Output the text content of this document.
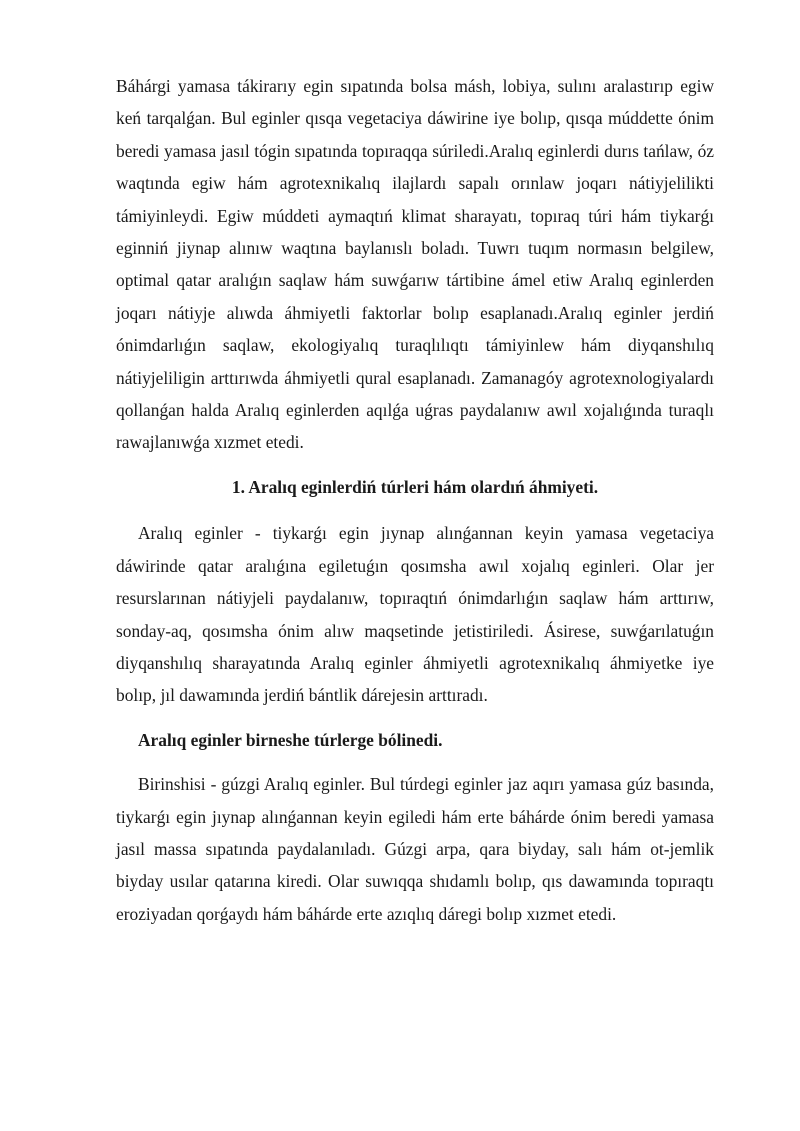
Báhárgi yamasa tákirarıy egin sıpatında bolsa másh, lobiya, sulını aralastırıp egiw keń tarqalǵan. Bul eginler qısqa vegetaciya dáwirine iye bolıp, qısqa múddette ónim beredi yamasa jasıl tógin sıpatında topıraqqa súriledi.Aralıq eginlerdi durıs tańlaw, óz waqtında egiw hám agrotexnikalıq ilajlardı sapalı orınlaw joqarı nátiyjelilikti támiyinleydi. Egiw múddeti aymaqtıń klimat sharayatı, topıraq túri hám tiykarǵı eginniń jiynap alınıw waqtına baylanıslı boladı. Tuwrı tuqım normasın belgilew, optimal qatar aralıǵın saqlaw hám suwǵarıw tártibine ámel etiw Aralıq eginlerden joqarı nátiyje alıwda áhmiyetli faktorlar bolıp esaplanadı.Aralıq eginler jerdiń ónimdarlıǵın saqlaw, ekologiyalıq turaqlılıqtı támiyinlew hám diyqanshılıq nátiyjeliligin arttırıwda áhmiyetli qural esaplanadı. Zamanagóy agrotexnologiyalardı qollanǵan halda Aralıq eginlerden aqılǵa uǵras paydalanıw awıl xojalıǵında turaqlı rawajlanıwǵa xızmet etedi.

1. Aralıq eginlerdiń túrleri hám olardıń áhmiyeti.

Aralıq eginler - tiykarǵı egin jıynap alınǵannan keyin yamasa vegetaciya dáwirinde qatar aralıǵına egiletuǵın qosımsha awıl xojalıq eginleri. Olar jer resurslarınan nátiyjeli paydalanıw, topıraqtıń ónimdarlıǵın saqlaw hám arttırıw, sonday-aq, qosımsha ónim alıw maqsetinde jetistiriledi. Ásirese, suwǵarılatuǵın diyqanshılıq sharayatında Aralıq eginler áhmiyetli agrotexnikalıq áhmiyetke iye bolıp, jıl dawamında jerdiń bántlik dárejesin arttıradı.

Aralıq eginler birneshe túrlerge bólinedi.

Birinshisi - gúzgi Aralıq eginler. Bul túrdegi eginler jaz aqırı yamasa gúz basında, tiykarǵı egin jıynap alınǵannan keyin egiledi hám erte báhárde ónim beredi yamasa jasıl massa sıpatında paydalanıladı. Gúzgi arpa, qara biyday, salı hám ot-jemlik biyday usılar qatarına kiredi. Olar suwıqqa shıdamlı bolıp, qıs dawamında topıraqtı eroziyadan qorǵaydı hám báhárde erte azıqlıq dáregi bolıp xızmet etedi.
